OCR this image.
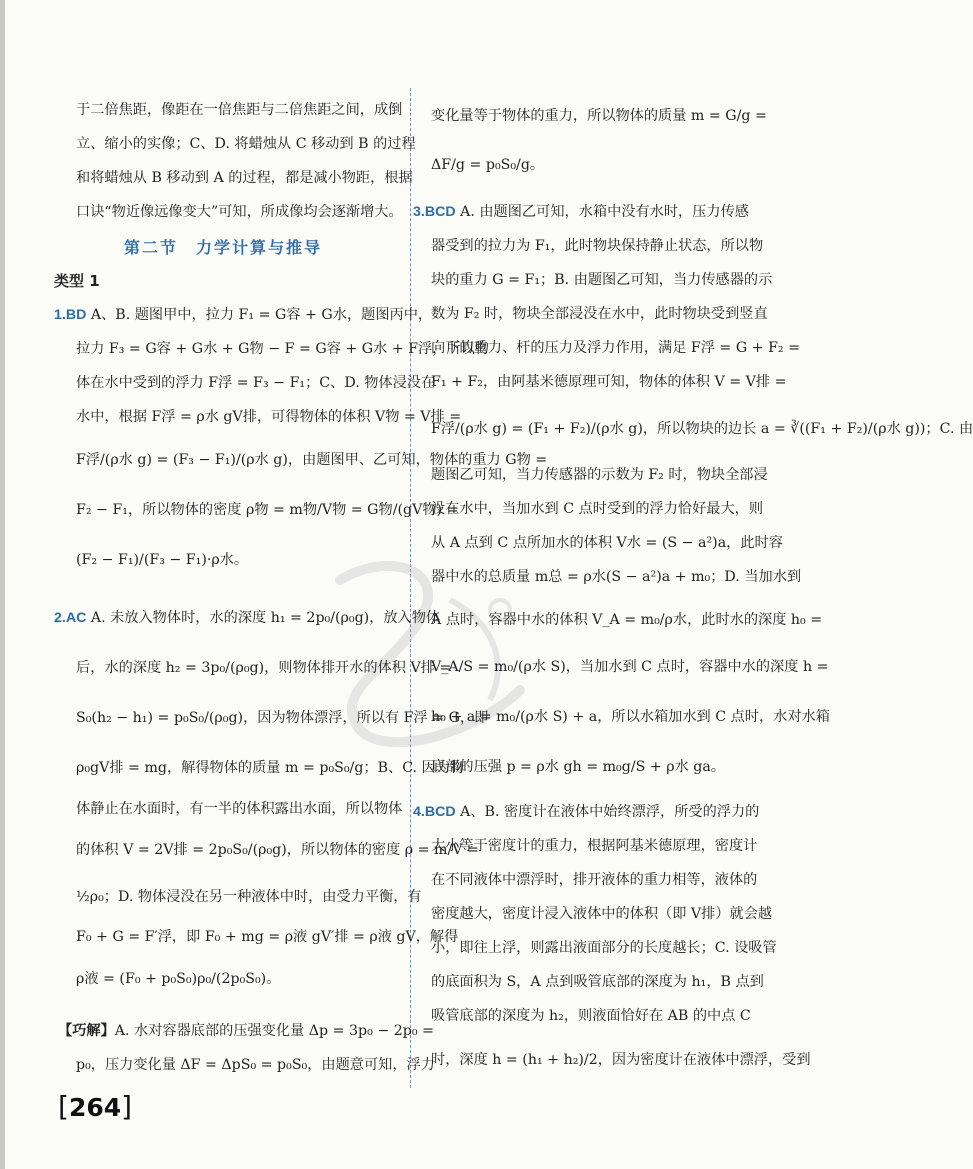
于二倍焦距，像距在一倍焦距与二倍焦距之间，成倒
立、缩小的实像；C、D. 将蜡烛从 C 移动到 B 的过程
和将蜡烛从 B 移动到 A 的过程，都是减小物距，根据
口诀“物近像远像变大”可知，所成像均会逐渐增大。
第二节　力学计算与推导
类型 1
1.BD A、B. 题图甲中，拉力 F₁ = G容 + G水，题图丙中，
拉力 F₃ = G容 + G水 + G物 − F = G容 + G水 + F浮，所以物
体在水中受到的浮力 F浮 = F₃ − F₁；C、D. 物体浸没在
水中，根据 F浮 = ρ水 gV排，可得物体的体积 V物 = V排 =
F浮/(ρ水 g) = (F₃ − F₁)/(ρ水 g)，由题图甲、乙可知，物体的重力 G物 =
F₂ − F₁，所以物体的密度 ρ物 = m物/V物 = G物/(gV物) =
(F₂ − F₁)/(F₃ − F₁)·ρ水。
2.AC A. 未放入物体时，水的深度 h₁ = 2p₀/(ρ₀g)，放入物体
后，水的深度 h₂ = 3p₀/(ρ₀g)，则物体排开水的体积 V排 =
S₀(h₂ − h₁) = p₀S₀/(ρ₀g)，因为物体漂浮，所以有 F浮 = G，即
ρ₀gV排 = mg，解得物体的质量 m = p₀S₀/g；B、C. 因为物
体静止在水面时，有一半的体积露出水面，所以物体
的体积 V = 2V排 = 2p₀S₀/(ρ₀g)，所以物体的密度 ρ = m/V =
½ρ₀；D. 物体浸没在另一种液体中时，由受力平衡，有
F₀ + G = F′浮，即 F₀ + mg = ρ液 gV′排 = ρ液 gV，解得
ρ液 = (F₀ + p₀S₀)ρ₀/(2p₀S₀)。
【巧解】A. 水对容器底部的压强变化量 Δp = 3p₀ − 2p₀ =
p₀，压力变化量 ΔF = ΔpS₀ = p₀S₀，由题意可知，浮力
变化量等于物体的重力，所以物体的质量 m = G/g =
ΔF/g = p₀S₀/g。
3.BCD A. 由题图乙可知，水箱中没有水时，压力传感
器受到的拉力为 F₁，此时物块保持静止状态，所以物
块的重力 G = F₁；B. 由题图乙可知，当力传感器的示
数为 F₂ 时，物块全部浸没在水中，此时物块受到竖直
向下的重力、杆的压力及浮力作用，满足 F浮 = G + F₂ =
F₁ + F₂，由阿基米德原理可知，物体的体积 V = V排 =
F浮/(ρ水 g) = (F₁ + F₂)/(ρ水 g)，所以物块的边长 a = ∛((F₁ + F₂)/(ρ水 g))；C. 由
题图乙可知，当力传感器的示数为 F₂ 时，物块全部浸
没在水中，当加水到 C 点时受到的浮力恰好最大，则
从 A 点到 C 点所加水的体积 V水 = (S − a²)a，此时容
器中水的总质量 m总 = ρ水(S − a²)a + m₀；D. 当加水到
A 点时，容器中水的体积 V_A = m₀/ρ水，此时水的深度 h₀ =
V_A/S = m₀/(ρ水 S)，当加水到 C 点时，容器中水的深度 h =
h₀ + a = m₀/(ρ水 S) + a，所以水箱加水到 C 点时，水对水箱
底部的压强 p = ρ水 gh = m₀g/S + ρ水 ga。
4.BCD A、B. 密度计在液体中始终漂浮，所受的浮力的
大小等于密度计的重力，根据阿基米德原理，密度计
在不同液体中漂浮时，排开液体的重力相等，液体的
密度越大，密度计浸入液体中的体积（即 V排）就会越
小，即往上浮，则露出液面部分的长度越长；C. 设吸管
的底面积为 S，A 点到吸管底部的深度为 h₁，B 点到
吸管底部的深度为 h₂，则液面恰好在 AB 的中点 C
时，深度 h = (h₁ + h₂)/2，因为密度计在液体中漂浮，受到
[264]
